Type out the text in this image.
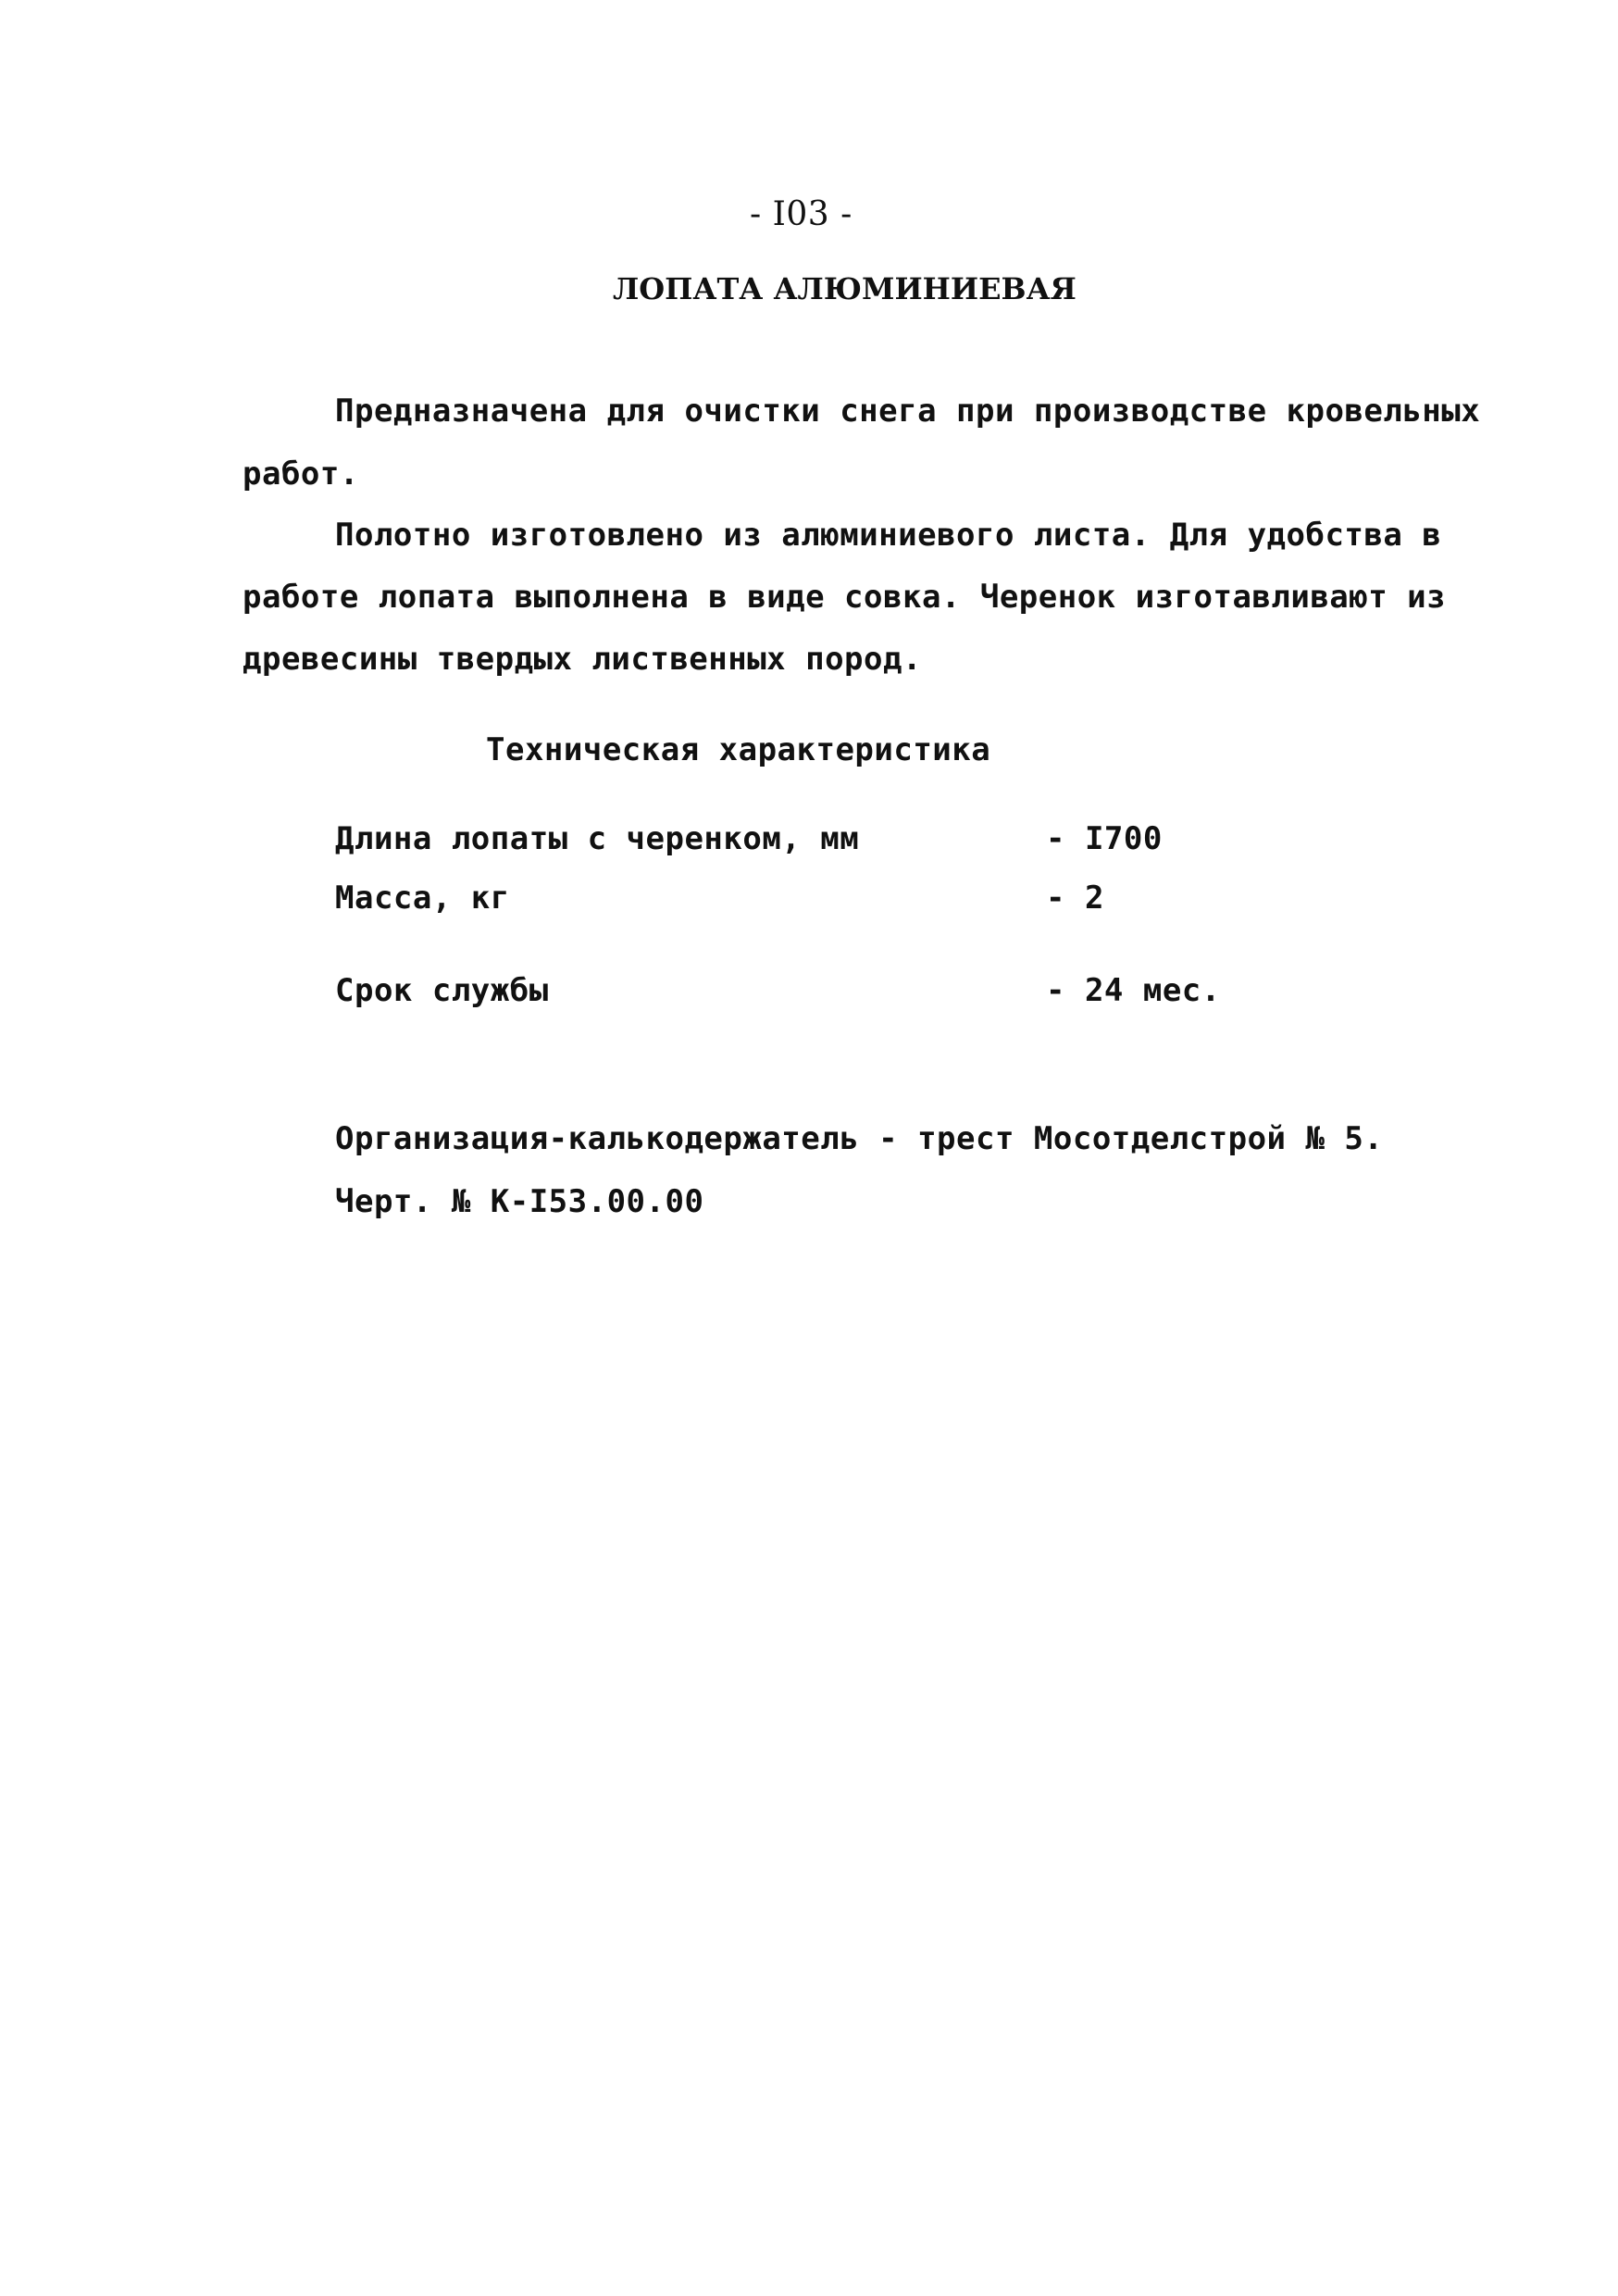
- I03 -
ЛОПАТА АЛЮМИНИЕВАЯ
Предназначена для очистки снега при производстве кровельных
работ.
Полотно изготовлено из алюминиевого листа. Для удобства в
работе лопата выполнена в виде совка. Черенок изготавливают из
древесины твердых лиственных пород.
Техническая характеристика
Длина лопаты с черенком, мм	- I700
Масса, кг	- 2
Срок службы	- 24 мес.
Организация-калькодержатель - трест Мосотделстрой № 5.
Черт. № К-I53.00.00
